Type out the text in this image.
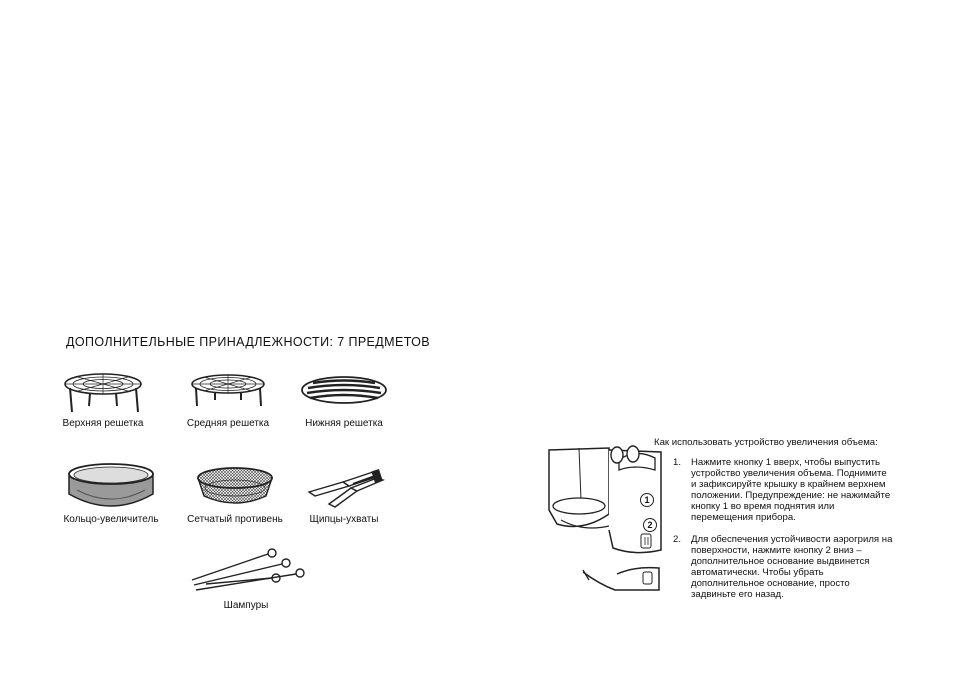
ДОПОЛНИТЕЛЬНЫЕ ПРИНАДЛЕЖНОСТИ: 7 ПРЕДМЕТОВ
Верхняя решетка	Средняя решетка	Нижняя решетка
Кольцо-увеличитель	Сетчатый противень	Щипцы-ухваты
Шампуры
1
2
Как использовать устройство увеличения объема:
1.	Нажмите кнопку 1 вверх, чтобы выпустить устройство увеличения объема. Поднимите и зафиксируйте крышку в крайнем верхнем положении. Предупреждение: не нажимайте кнопку 1 во время поднятия или перемещения прибора.
2.	Для обеспечения устойчивости аэрогриля на поверхности, нажмите кнопку 2 вниз – дополнительное основание выдвинется автоматически. Чтобы убрать дополнительное основание, просто задвиньте его назад.
